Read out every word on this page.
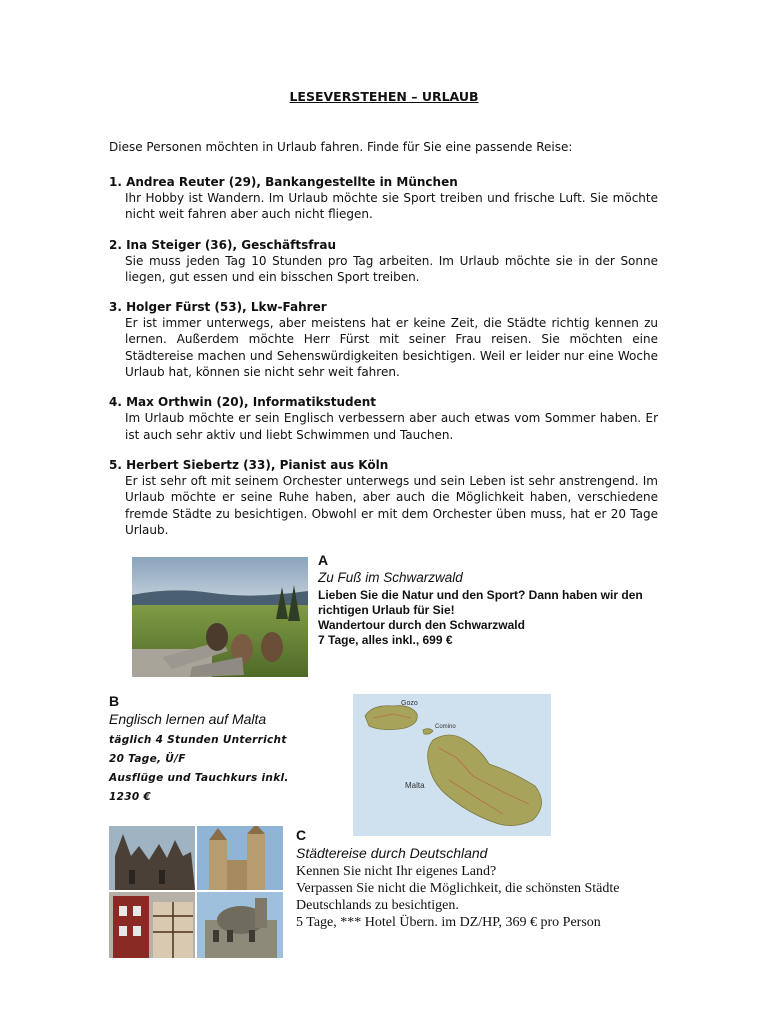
LESEVERSTEHEN – URLAUB
Diese Personen möchten in Urlaub fahren. Finde für Sie eine passende Reise:
1. Andrea Reuter (29), Bankangestellte in München
Ihr Hobby ist Wandern. Im Urlaub möchte sie Sport treiben und frische Luft. Sie möchte nicht weit fahren aber auch nicht fliegen.
2. Ina Steiger (36), Geschäftsfrau
Sie muss jeden Tag 10 Stunden pro Tag arbeiten. Im Urlaub möchte sie in der Sonne liegen, gut essen und ein bisschen Sport treiben.
3. Holger Fürst (53), Lkw-Fahrer
Er ist immer unterwegs, aber meistens hat er keine Zeit, die Städte richtig kennen zu lernen. Außerdem möchte Herr Fürst mit seiner Frau reisen. Sie möchten eine Städtereise machen und Sehenswürdigkeiten besichtigen. Weil er leider nur eine Woche Urlaub hat, können sie nicht sehr weit fahren.
4. Max Orthwin (20), Informatikstudent
Im Urlaub möchte er sein Englisch verbessern aber auch etwas vom Sommer haben. Er ist auch sehr aktiv und liebt Schwimmen und Tauchen.
5. Herbert Siebertz (33), Pianist aus Köln
Er ist sehr oft mit seinem Orchester unterwegs und sein Leben ist sehr anstrengend. Im Urlaub möchte er seine Ruhe haben, aber auch die Möglichkeit haben, verschiedene fremde Städte zu besichtigen. Obwohl er mit dem Orchester üben muss, hat er 20 Tage Urlaub.
A
Zu Fuß im Schwarzwald
Lieben Sie die Natur und den Sport? Dann haben wir den richtigen Urlaub für Sie!
Wandertour durch den Schwarzwald
7 Tage, alles inkl., 699 €
B
Englisch lernen auf Malta
täglich 4 Stunden Unterricht
20 Tage, Ü/F
Ausflüge und Tauchkurs inkl.
1230 €
Gozo
Comino
Malta
C
Städtereise durch Deutschland
Kennen Sie nicht Ihr eigenes Land?
Verpassen Sie nicht die Möglichkeit, die schönsten Städte Deutschlands zu besichtigen.
5 Tage, *** Hotel Übern. im DZ/HP, 369 € pro Person
